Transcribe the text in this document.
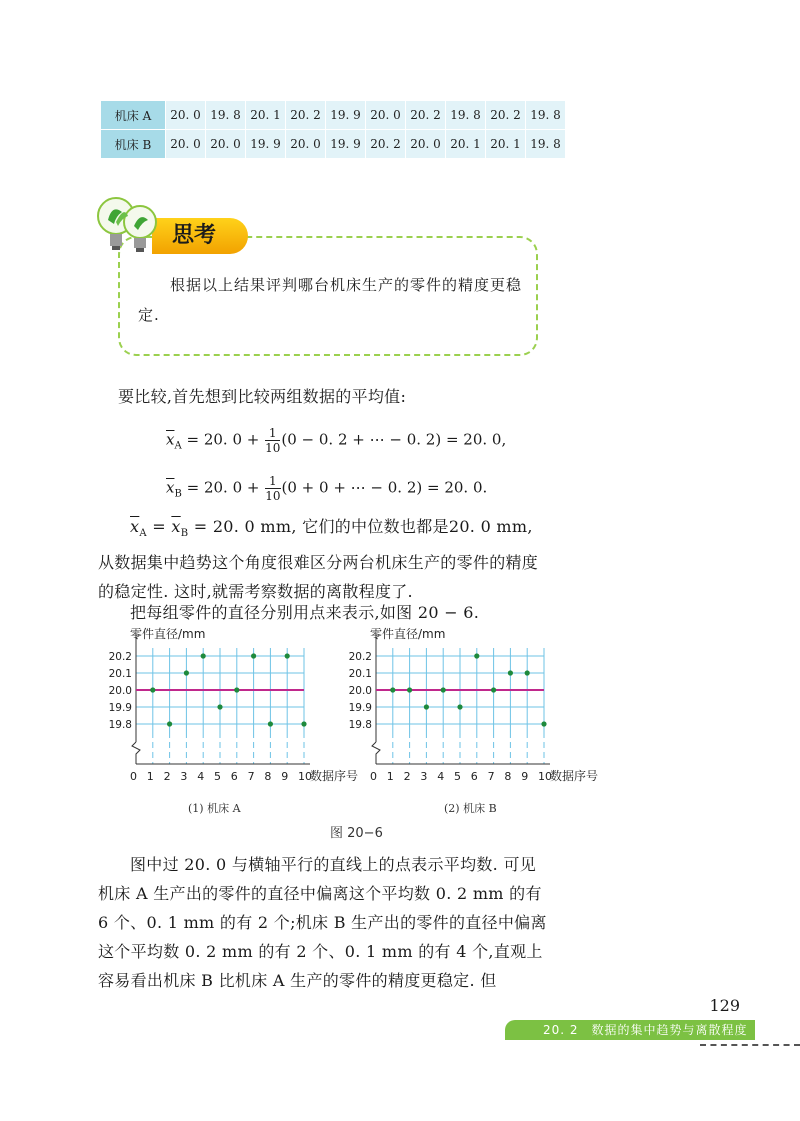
机床 A	20. 0	19. 8	20. 1	20. 2	19. 9	20. 0	20. 2	19. 8	20. 2	19. 8
机床 B	20. 0	20. 0	19. 9	20. 0	19. 9	20. 2	20. 0	20. 1	20. 1	19. 8
思考
根据以上结果评判哪台机床生产的零件的精度更稳定.
要比较,首先想到比较两组数据的平均值:
$\overline{x}_A = 20$. $0 + \frac{1}{10} (0 - 0$. 2 + ⋯ − 0. 2) = 20. 0,
$\overline{x}_B = 20$. $0 + \frac{1}{10} (0 + 0$ + ⋯ − 0. 2) = 20. 0.
$\overline{x}_A = \overline{x}_B = 20$. 0 mm, 它们的中位数也都是20. 0 mm,从数据集中趋势这个角度很难区分两台机床生产的零件的精度的稳定性. 这时,就需考察数据的离散程度了.
把每组零件的直径分别用点来表示,如图 20 − 6.
零件直径/mm
19.8
19.9
20.0
20.1
20.2
0 1 2 3 4 5 6 7 8 9 10
数据序号
零件直径/mm
19.8
19.9
20.0
20.1
20.2
0 1 2 3 4 5 6 7 8 9 10
数据序号
(1) 机床 A	(2) 机床 B
图 20−6
图中过 20. 0 与横轴平行的直线上的点表示平均数. 可见机床 A 生产出的零件的直径中偏离这个平均数 0. 2 mm 的有 6 个、0. 1 mm 的有 2 个;机床 B 生产出的零件的直径中偏离这个平均数 0. 2 mm 的有 2 个、0. 1 mm 的有 4 个,直观上容易看出机床 B 比机床 A 生产的零件的精度更稳定. 但
129
20. 2　数据的集中趋势与离散程度
